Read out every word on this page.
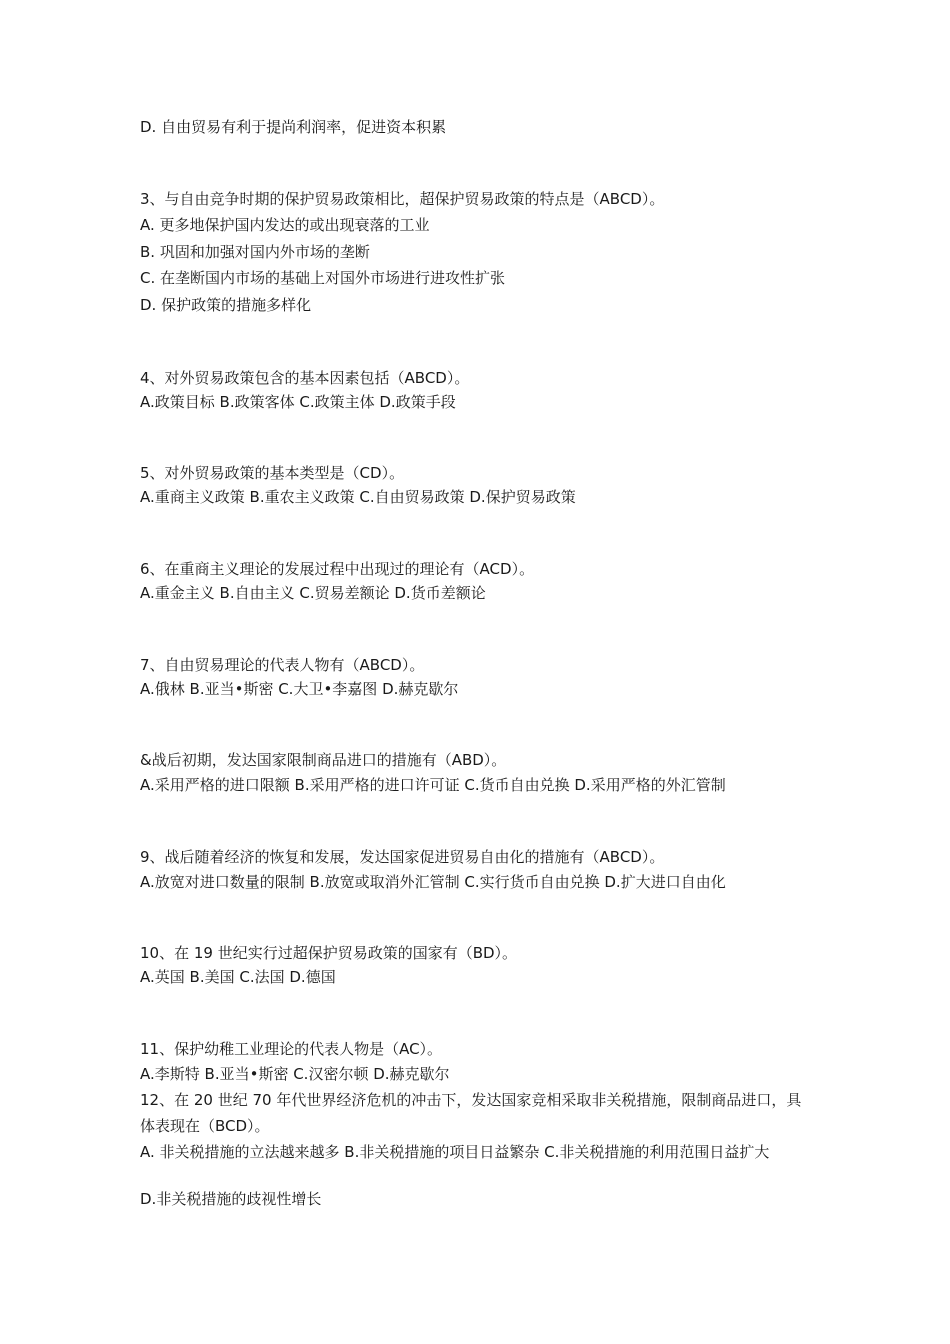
D. 自由贸易有利于提尚利润率，促进资本积累
3、与自由竞争时期的保护贸易政策相比，超保护贸易政策的特点是（ABCD）。
A. 更多地保护国内发达的或出现衰落的工业
B. 巩固和加强对国内外市场的垄断
C. 在垄断国内市场的基础上对国外市场进行进攻性扩张
D. 保护政策的措施多样化
4、对外贸易政策包含的基本因素包括（ABCD）。
A.政策目标 B.政策客体 C.政策主体 D.政策手段
5、对外贸易政策的基本类型是（CD）。
A.重商主义政策 B.重农主义政策 C.自由贸易政策 D.保护贸易政策
6、在重商主义理论的发展过程中出现过的理论有（ACD）。
A.重金主义 B.自由主义 C.贸易差额论 D.货币差额论
7、自由贸易理论的代表人物有（ABCD）。
A.俄林 B.亚当•斯密 C.大卫•李嘉图 D.赫克歇尔
&战后初期，发达国家限制商品进口的措施有（ABD）。
A.采用严格的进口限额 B.采用严格的进口许可证 C.货币自由兑换 D.采用严格的外汇管制
9、战后随着经济的恢复和发展，发达国家促进贸易自由化的措施有（ABCD）。
A.放宽对进口数量的限制 B.放宽或取消外汇管制 C.实行货币自由兑换 D.扩大进口自由化
10、在 19 世纪实行过超保护贸易政策的国家有（BD）。
A.英国 B.美国 C.法国 D.德国
11、保护幼稚工业理论的代表人物是（AC）。
A.李斯特 B.亚当•斯密 C.汉密尔顿 D.赫克歇尔
12、在 20 世纪 70 年代世界经济危机的冲击下，发达国家竞相采取非关税措施，限制商品进口，具体表现在（BCD）。
A. 非关税措施的立法越来越多 B.非关税措施的项目日益繁杂 C.非关税措施的利用范围日益扩大
D.非关税措施的歧视性增长
